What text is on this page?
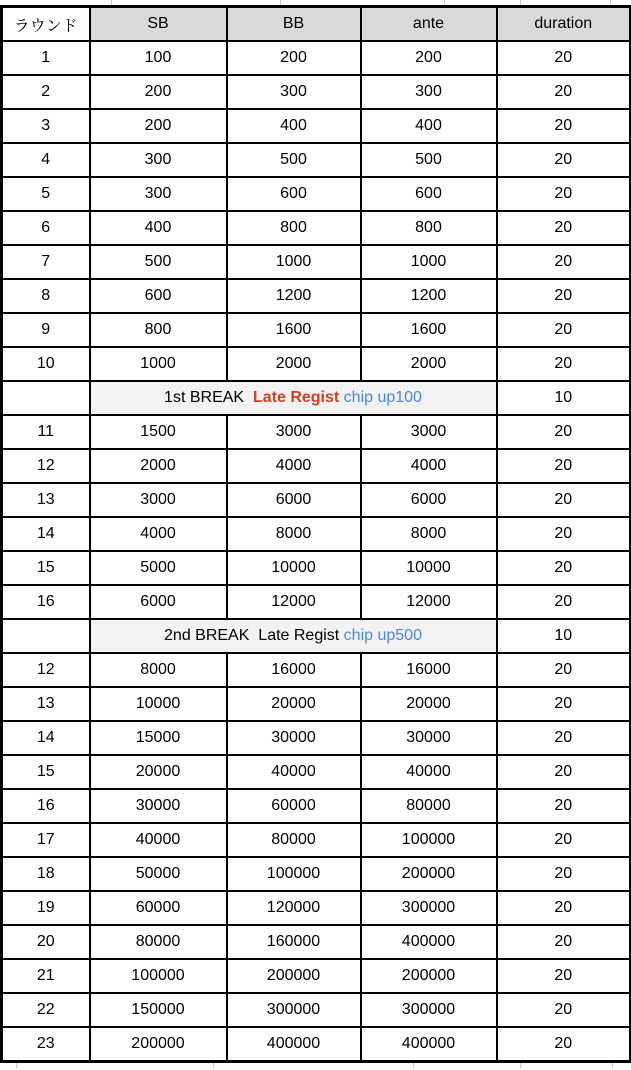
ラウンド	SB	BB	ante	duration
1	100	200	200	20
2	200	300	300	20
3	200	400	400	20
4	300	500	500	20
5	300	600	600	20
6	400	800	800	20
7	500	1000	1000	20
8	600	1200	1200	20
9	800	1600	1600	20
10	1000	2000	2000	20
	1st BREAK  Late Regist chip up100			10
11	1500	3000	3000	20
12	2000	4000	4000	20
13	3000	6000	6000	20
14	4000	8000	8000	20
15	5000	10000	10000	20
16	6000	12000	12000	20
	2nd BREAK  Late Regist chip up500			10
12	8000	16000	16000	20
13	10000	20000	20000	20
14	15000	30000	30000	20
15	20000	40000	40000	20
16	30000	60000	80000	20
17	40000	80000	100000	20
18	50000	100000	200000	20
19	60000	120000	300000	20
20	80000	160000	400000	20
21	100000	200000	200000	20
22	150000	300000	300000	20
23	200000	400000	400000	20
